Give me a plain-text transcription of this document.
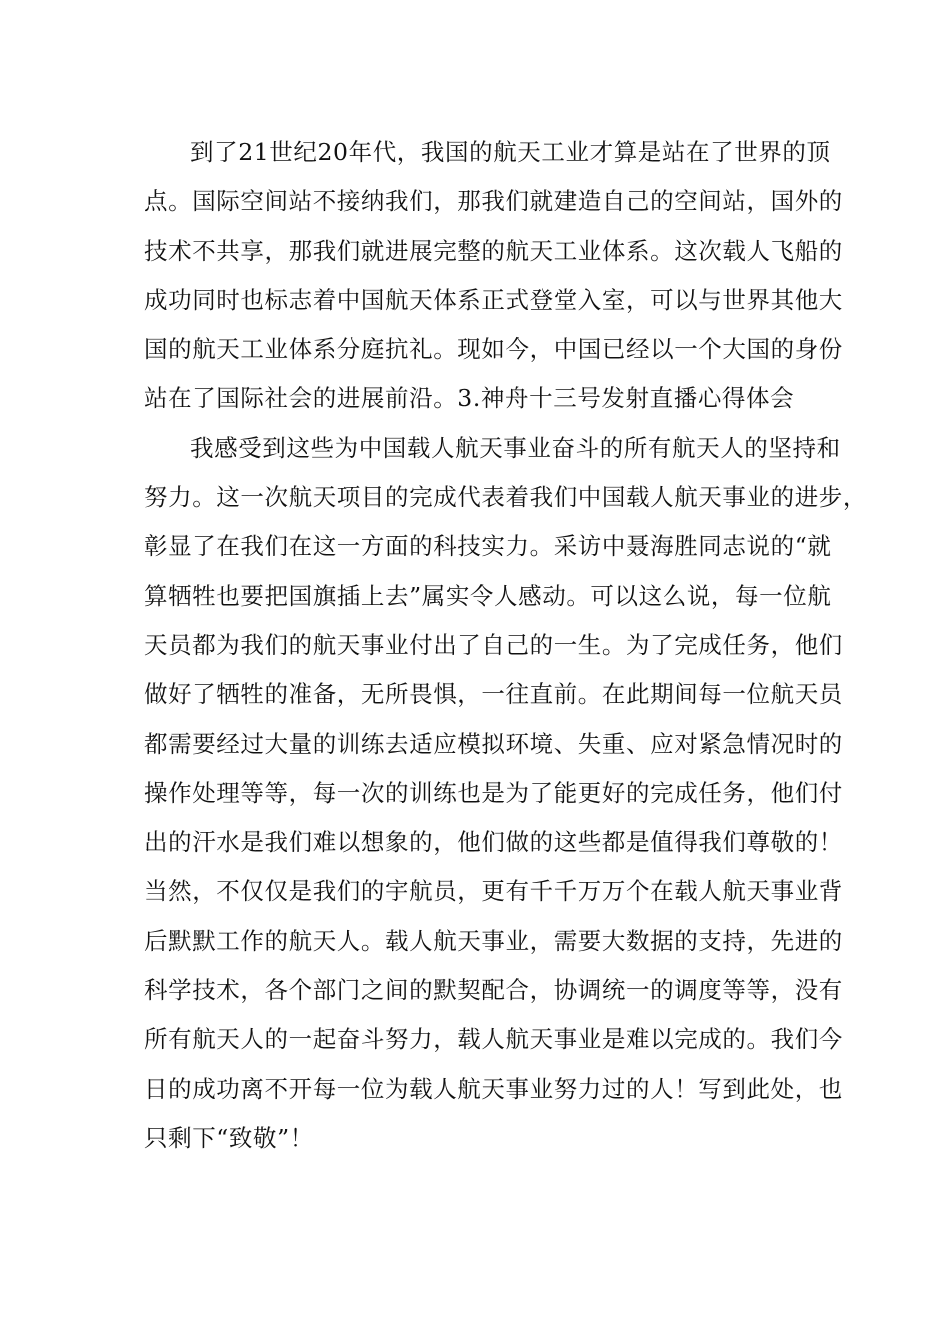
到了21世纪20年代，我国的航天工业才算是站在了世界的顶
点。国际空间站不接纳我们，那我们就建造自己的空间站，国外的
技术不共享，那我们就进展完整的航天工业体系。这次载人飞船的
成功同时也标志着中国航天体系正式登堂入室，可以与世界其他大
国的航天工业体系分庭抗礼。现如今，中国已经以一个大国的身份
站在了国际社会的进展前沿。3.神舟十三号发射直播心得体会
我感受到这些为中国载人航天事业奋斗的所有航天人的坚持和
努力。这一次航天项目的完成代表着我们中国载人航天事业的进步，
彰显了在我们在这一方面的科技实力。采访中聂海胜同志说的“就
算牺牲也要把国旗插上去”属实令人感动。可以这么说，每一位航
天员都为我们的航天事业付出了自己的一生。为了完成任务，他们
做好了牺牲的准备，无所畏惧，一往直前。在此期间每一位航天员
都需要经过大量的训练去适应模拟环境、失重、应对紧急情况时的
操作处理等等，每一次的训练也是为了能更好的完成任务，他们付
出的汗水是我们难以想象的，他们做的这些都是值得我们尊敬的！
当然，不仅仅是我们的宇航员，更有千千万万个在载人航天事业背
后默默工作的航天人。载人航天事业，需要大数据的支持，先进的
科学技术，各个部门之间的默契配合，协调统一的调度等等，没有
所有航天人的一起奋斗努力，载人航天事业是难以完成的。我们今
日的成功离不开每一位为载人航天事业努力过的人！写到此处，也
只剩下“致敬”！
